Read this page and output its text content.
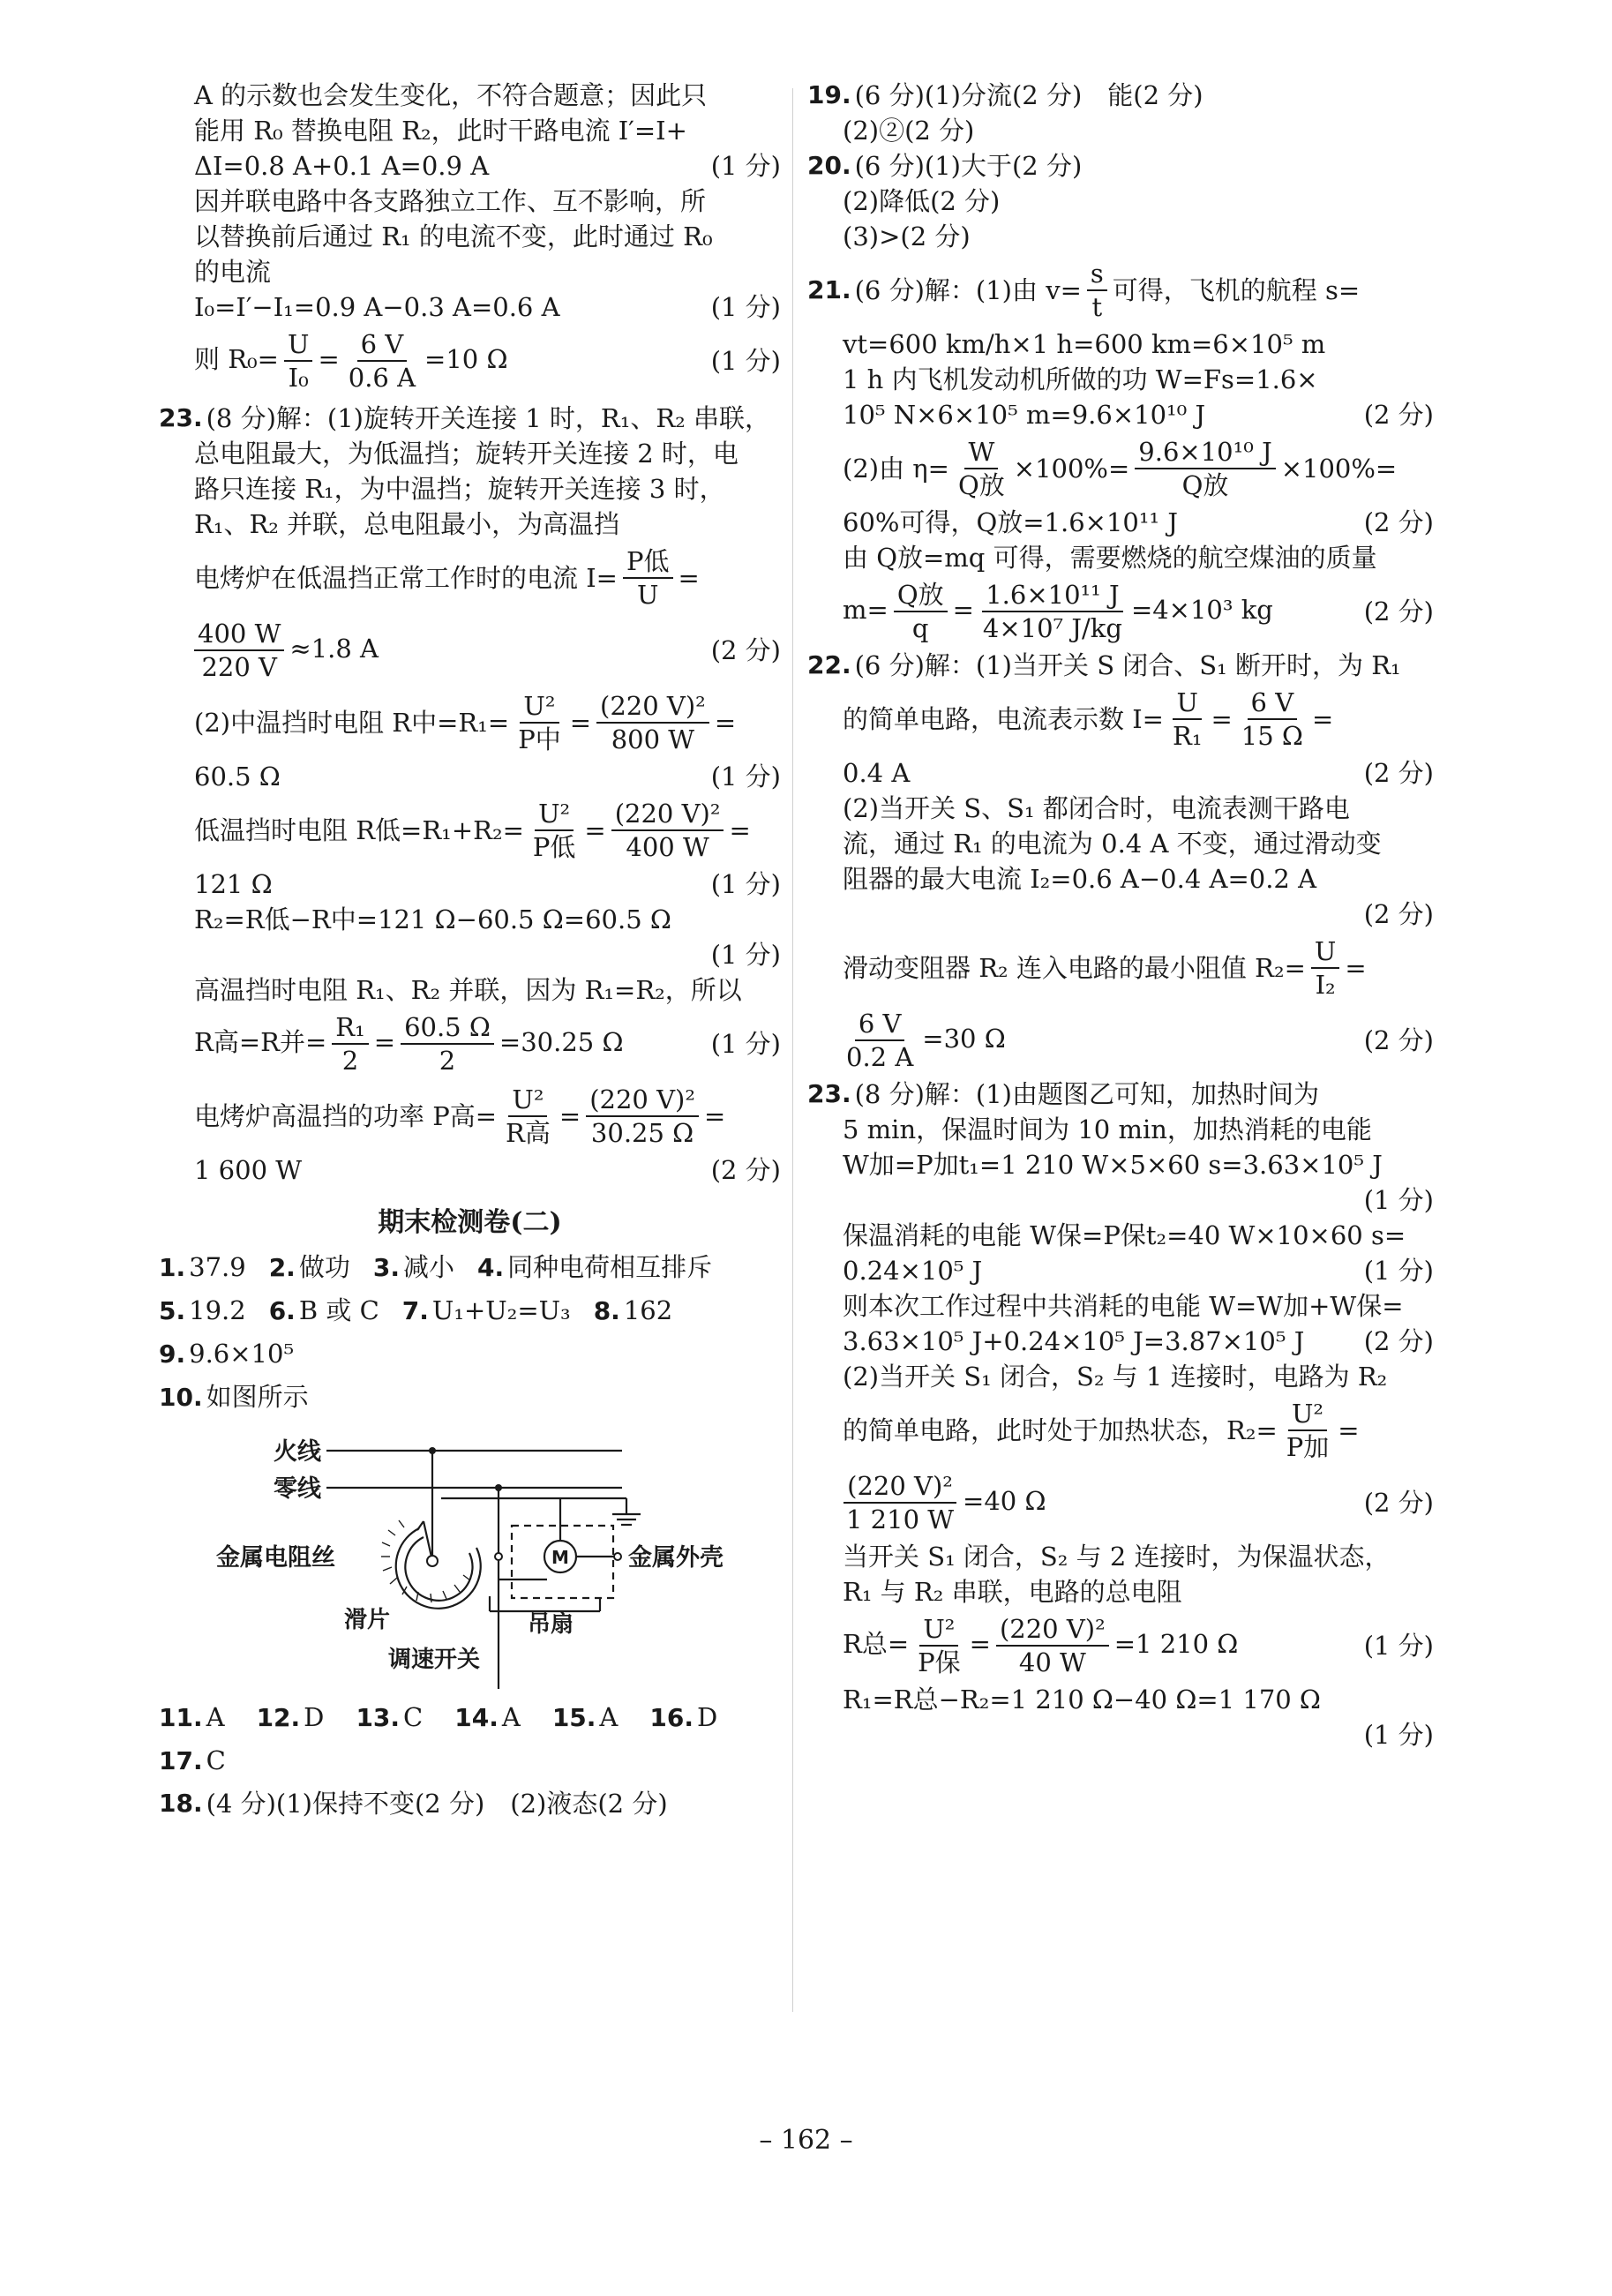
A 的示数也会发生变化，不符合题意；因此只
能用 R₀ 替换电阻 R₂，此时干路电流 I′=I+
ΔI=0.8 A+0.1 A=0.9 A	(1 分)
因并联电路中各支路独立工作、互不影响，所
以替换前后通过 R₁ 的电流不变，此时通过 R₀
的电流
I₀=I′−I₁=0.9 A−0.3 A=0.6 A	(1 分)
则 $R_0= \frac{U}{\text{I₀}} = \frac{6 V}{0.6 A} =10$ Ω	(1 分)
23. (8 分)解：(1)旋转开关连接 1 时，R₁、R₂ 串联，
总电阻最大，为低温挡；旋转开关连接 2 时，电
路只连接 R₁，为中温挡；旋转开关连接 3 时，
R₁、R₂ 并联，总电阻最小，为高温挡
电烤炉在低温挡正常工作时的电流 $I= \frac{\text{P低}}{U}$ =
$\frac{400 W}{220 V} \approx 1.8$ A	(2 分)
(2)中温挡时电阻 R中$=R_1= \frac{\text{U²}}{\text{P中}} = \frac{\text{(220 V)²}}{800 W}$ =
60.5 Ω	(1 分)
低温挡时电阻 R低$=R_1+R_2= \frac{\text{U²}}{\text{P低}} = \frac{\text{(220 V)²}}{400 W}$ =
121 Ω	(1 分)
R₂=R低−R中=121 Ω−60.5 Ω=60.5 Ω
(1 分)
高温挡时电阻 R₁、R₂ 并联，因为 R₁=R₂，所以
R高=R并= $\frac{\text{R₁}}{2} = \frac{60.5 \Omega}{2} =30.25$ Ω	(1 分)
电烤炉高温挡的功率 P高= $\frac{\text{U²}}{\text{R高}} = \frac{\text{(220 V)²}}{30.25 \Omega}$ =
1 600 W	(2 分)
期末检测卷(二)
1. 37.9 2. 做功 3. 减小 4. 同种电荷相互排斥
5. 19.2 6. B 或 C 7. U₁+U₂=U₃ 8. 162
9. 9.6×10⁵
10. 如图所示
M
火线
零线
金属电阻丝
滑片
调速开关
吊扇
金属外壳
11. A 12. D 13. C 14. A 15. A 16. D
17. C
18. (4 分)(1)保持不变(2 分)　(2)液态(2 分)
19. (6 分)(1)分流(2 分)　能(2 分)
(2)②(2 分)
20. (6 分)(1)大于(2 分)
(2)降低(2 分)
(3)>(2 分)
21. (6 分)解：(1)由 $v= \frac{s}{t}$ 可得，飞机的航程 s=
vt=600 km/h×1 h=600 km=6×10⁵ m
1 h 内飞机发动机所做的功 W=Fs=1.6×
10⁵ N×6×10⁵ m=9.6×10¹⁰ J	(2 分)
(2)由 $\eta= \frac{W}{\text{Q放}} \times 100\%= \frac{\text{9.6×10¹⁰ J}}{\text{Q放}} \times 100\%=$
60%可得，Q放=1.6×10¹¹ J	(2 分)
由 Q放=mq 可得，需要燃烧的航空煤油的质量
$m= \frac{\text{Q放}}{q} = \frac{\text{1.6×10¹¹ J}}{\text{4×10⁷ J/kg}} =4\times 10^3$ kg	(2 分)
22. (6 分)解：(1)当开关 S 闭合、S₁ 断开时，为 R₁
的简单电路，电流表示数 $I= \frac{U}{\text{R₁}} = \frac{6 V}{15 \Omega}$ =
0.4 A	(2 分)
(2)当开关 S、S₁ 都闭合时，电流表测干路电
流，通过 R₁ 的电流为 0.4 A 不变，通过滑动变
阻器的最大电流 I₂=0.6 A−0.4 A=0.2 A
(2 分)
滑动变阻器 R₂ 连入电路的最小阻值 $R_2= \frac{U}{\text{I₂}}$ =
$\frac{6 V}{0.2 A} =30$ Ω	(2 分)
23. (8 分)解：(1)由题图乙可知，加热时间为
5 min，保温时间为 10 min，加热消耗的电能
W加=P加t₁=1 210 W×5×60 s=3.63×10⁵ J
(1 分)
保温消耗的电能 W保=P保t₂=40 W×10×60 s=
0.24×10⁵ J	(1 分)
则本次工作过程中共消耗的电能 W=W加+W保=
3.63×10⁵ J+0.24×10⁵ J=3.87×10⁵ J (2 分)
(2)当开关 S₁ 闭合，S₂ 与 1 连接时，电路为 R₂
的简单电路，此时处于加热状态，$R_2= \frac{\text{U²}}{\text{P加}}$ =
$\frac{\text{(220 V)²}}{1 210 W} =40$ Ω	(2 分)
当开关 S₁ 闭合，S₂ 与 2 连接时，为保温状态，
R₁ 与 R₂ 串联，电路的总电阻
R总= $\frac{\text{U²}}{\text{P保}} = \frac{\text{(220 V)²}}{40 W} =1$ 210 Ω	(1 分)
R₁=R总−R₂=1 210 Ω−40 Ω=1 170 Ω
(1 分)
– 162 –
